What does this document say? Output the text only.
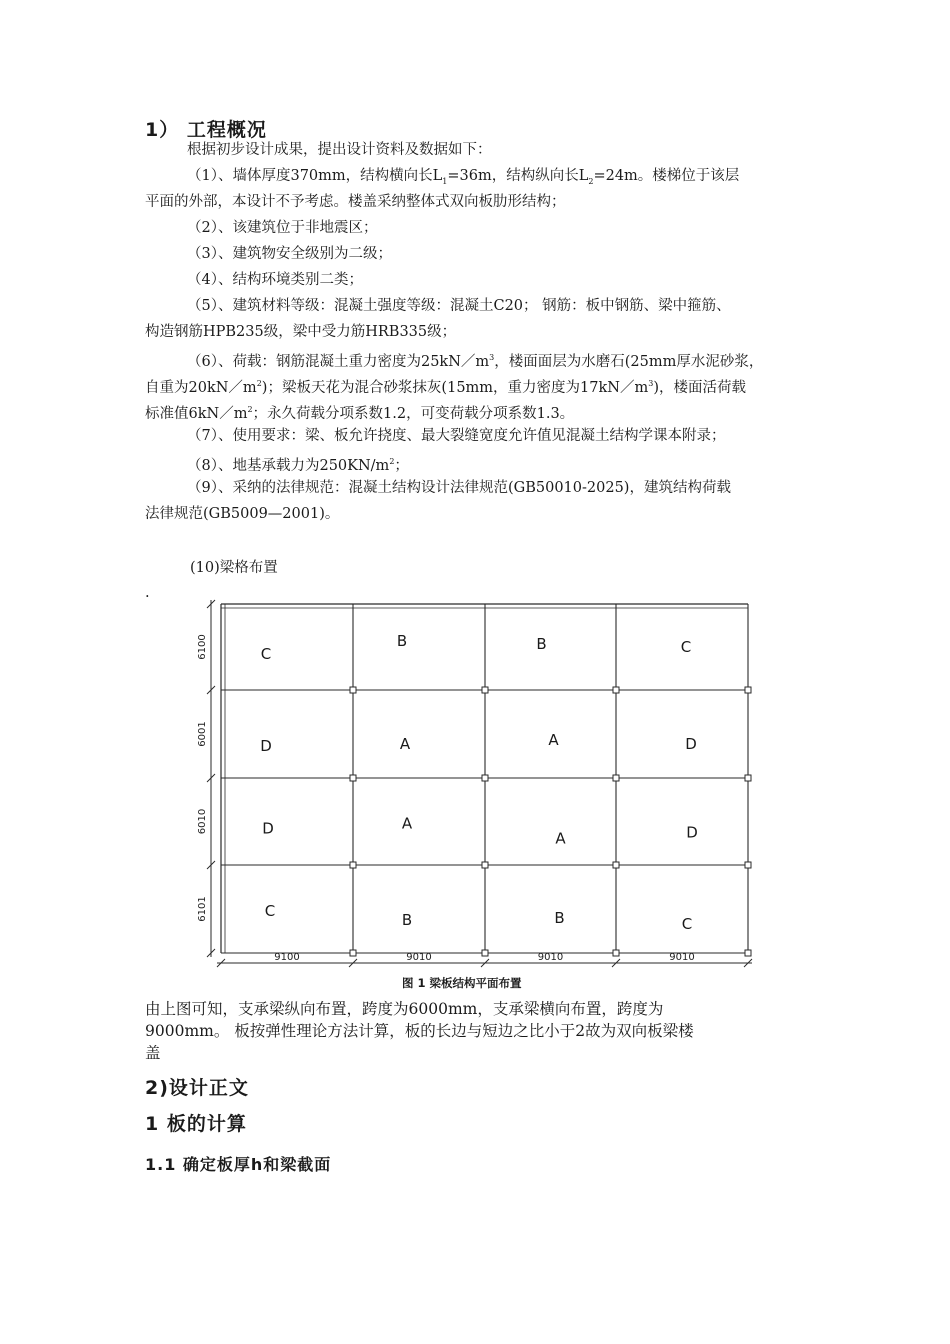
1） 工程概况
根据初步设计成果，提出设计资料及数据如下：
（1）、墙体厚度370mm，结构横向长$L_1=36m$，结构纵向长$L_2=24m$。楼梯位于该层
平面的外部，本设计不予考虑。楼盖采纳整体式双向板肋形结构；
（2）、该建筑位于非地震区；
（3）、建筑物安全级别为二级；
（4）、结构环境类别二类；
（5）、建筑材料等级：混凝土强度等级：混凝土C20； 钢筋：板中钢筋、梁中箍筋、
构造钢筋HPB235级，梁中受力筋HRB335级；
（6）、荷载：钢筋混凝土重力密度为$25kN/m^3$，楼面面层为水磨石(25mm厚水泥砂浆，
自重为$20kN/m^2$)；梁板天花为混合砂浆抹灰(15mm，重力密度为$17kN/m^3$)，楼面活荷载
标准值$6kN/m^2$；永久荷载分项系数1.2，可变荷载分项系数1.3。
（7）、使用要求：梁、板允许挠度、最大裂缝宽度允许值见混凝土结构学课本附录；
（8）、地基承载力为$250KN/m^2$；
（9）、采纳的法律规范：混凝土结构设计法律规范(GB50010-2025)，建筑结构荷载
法律规范(GB5009—2001)。
(10)梁格布置
.
6100
6001
6010
6101
9100	9010	9010	9010
C
B	B	C
D	A	A	D
D	A
A	D
C	B	B	C
图 1 梁板结构平面布置
由上图可知，支承梁纵向布置，跨度为6000mm，支承梁横向布置，跨度为
9000mm。 板按弹性理论方法计算，板的长边与短边之比小于2故为双向板梁楼
盖
2)设计正文
1 板的计算
1.1 确定板厚h和梁截面
